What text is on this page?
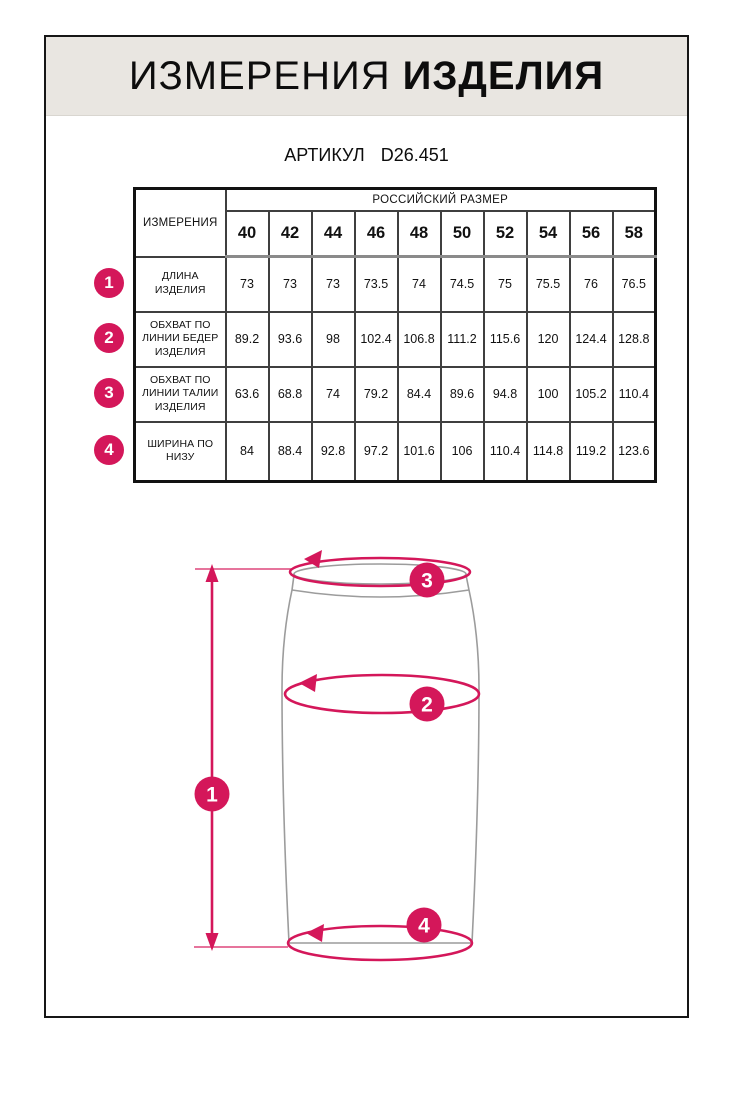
ИЗМЕРЕНИЯ ИЗДЕЛИЯ
АРТИКУЛ D26.451
ИЗМЕРЕНИЯ	РОССИЙСКИЙ РАЗМЕР									
	40	42	44	46	48	50	52	54	56	58
ДЛИНА ИЗДЕЛИЯ	73	73	73	73.5	74	74.5	75	75.5	76	76.5
ОБХВАТ ПО ЛИНИИ БЕДЕР ИЗДЕЛИЯ	89.2	93.6	98	102.4	106.8	111.2	115.6	120	124.4	128.8
ОБХВАТ ПО ЛИНИИ ТАЛИИ ИЗДЕЛИЯ	63.6	68.8	74	79.2	84.4	89.6	94.8	100	105.2	110.4
ШИРИНА ПО НИЗУ	84	88.4	92.8	97.2	101.6	106	110.4	114.8	119.2	123.6
1
2
3
4
1
3
2
4
